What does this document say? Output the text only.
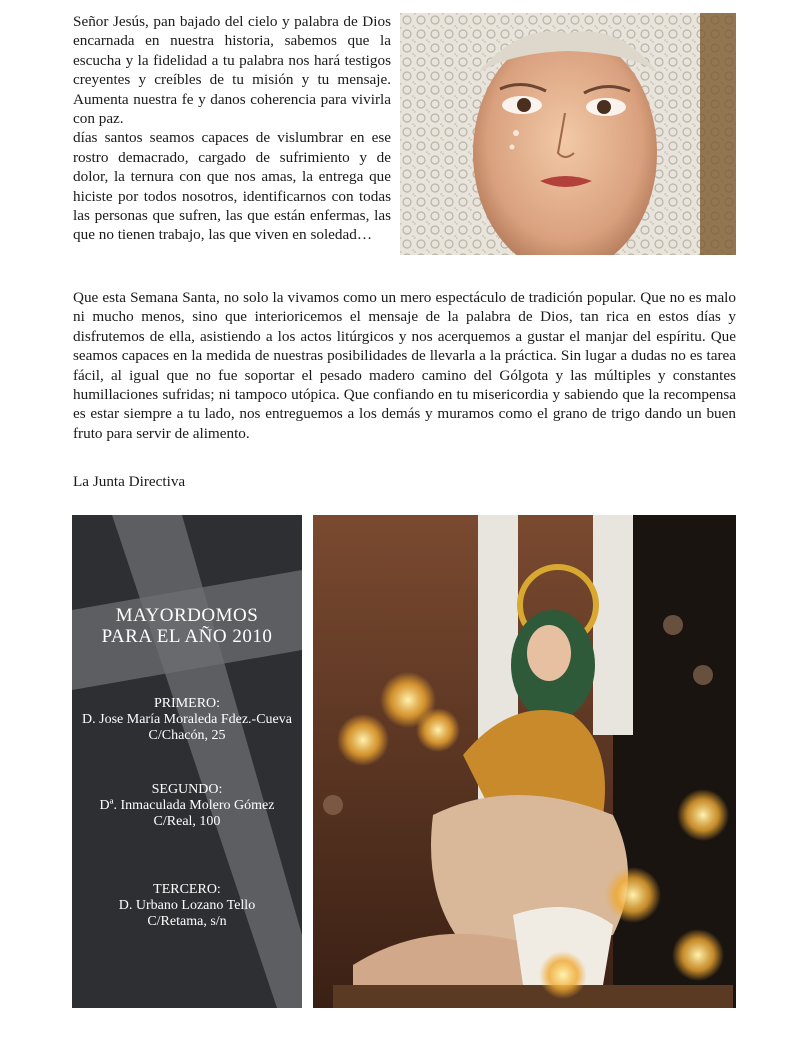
Señor Jesús, pan bajado del cielo y palabra de Dios encarnada en nuestra historia, sabemos que la escucha y la fidelidad a tu palabra nos hará testigos creyentes y creíbles de tu misión y tu mensaje. Aumenta nuestra fe y danos coherencia para vivirla con paz.

días santos seamos capaces de vislumbrar en ese rostro demacrado, cargado de sufrimiento y de dolor, la ternura con que nos amas, la entrega que hiciste por todos nosotros, identificarnos con todas las personas que sufren, las que están enfermas, las que no tienen trabajo, las que viven en soledad…

Que esta Semana Santa, no solo la vivamos como un mero espectáculo de tradición popular. Que no es malo ni mucho menos, sino que interioricemos el mensaje de la palabra de Dios, tan rica en estos días y disfrutemos de ella, asistiendo a los actos litúrgicos y nos acerquemos a gustar el manjar del espíritu. Que seamos capaces en la medida de nuestras posibilidades de llevarla a la práctica. Sin lugar a dudas no es tarea fácil, al igual que no fue soportar el pesado madero camino del Gólgota y las múltiples y constantes humillaciones sufridas; ni tampoco utópica. Que confiando en tu misericordia y sabiendo que la recompensa es estar siempre a tu lado, nos entreguemos a los demás y muramos como el grano de trigo dando un buen fruto para servir de alimento.

La Junta Directiva

MAYORDOMOS
PARA EL AÑO 2010
PRIMERO:
D. Jose María Moraleda Fdez.-Cueva
C/Chacón, 25
SEGUNDO:
Dª. Inmaculada Molero Gómez
C/Real, 100
TERCERO:
D. Urbano Lozano Tello
C/Retama, s/n
